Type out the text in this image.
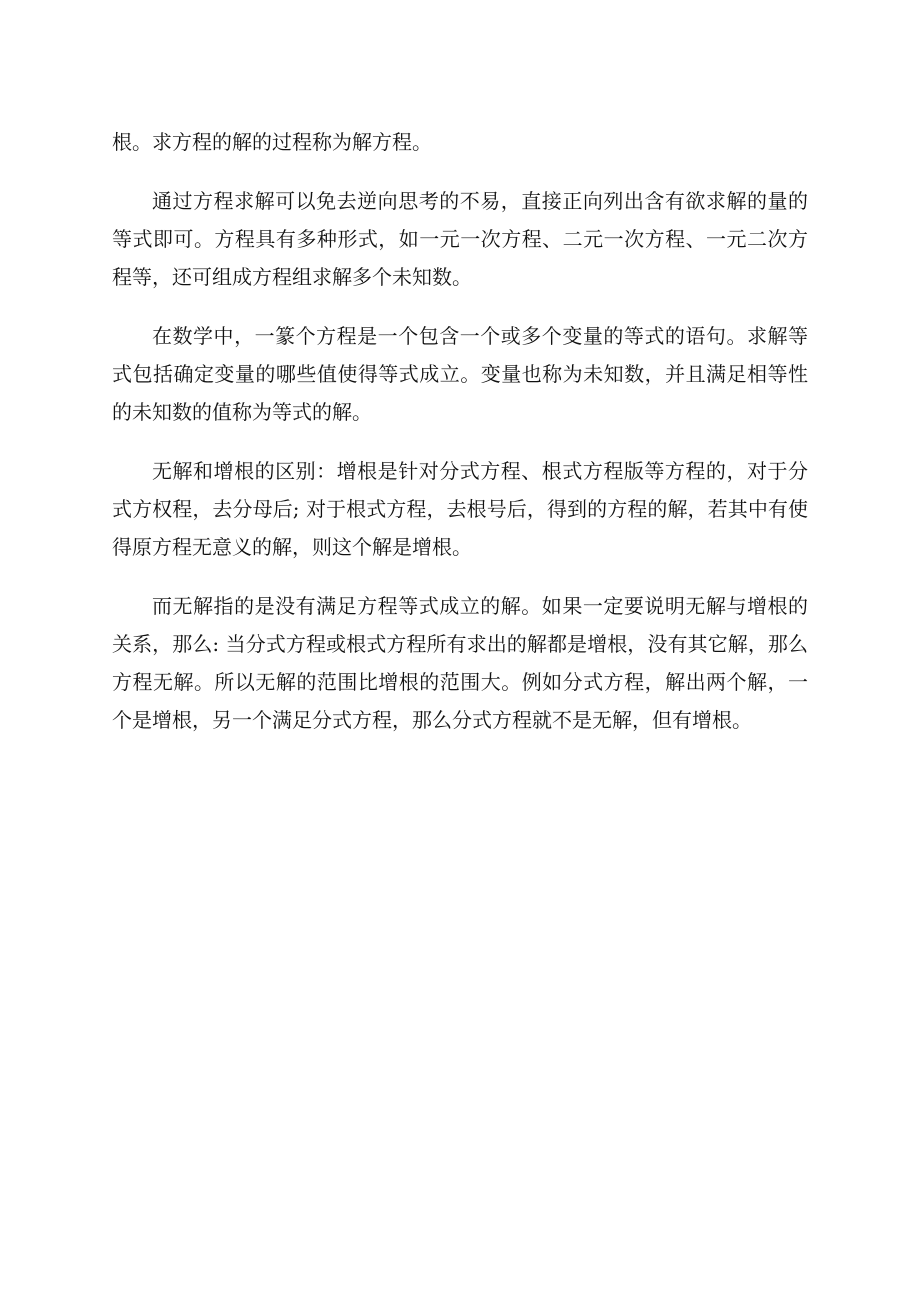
根。求方程的解的过程称为解方程。

通过方程求解可以免去逆向思考的不易，直接正向列出含有欲求解的量的等式即可。方程具有多种形式，如一元一次方程、二元一次方程、一元二次方程等，还可组成方程组求解多个未知数。

在数学中，一篆个方程是一个包含一个或多个变量的等式的语句。求解等式包括确定变量的哪些值使得等式成立。变量也称为未知数，并且满足相等性的未知数的值称为等式的解。

无解和增根的区别：增根是针对分式方程、根式方程版等方程的，对于分式方权程，去分母后; 对于根式方程，去根号后，得到的方程的解，若其中有使得原方程无意义的解，则这个解是增根。

而无解指的是没有满足方程等式成立的解。如果一定要说明无解与增根的关系，那么: 当分式方程或根式方程所有求出的解都是增根，没有其它解，那么方程无解。所以无解的范围比增根的范围大。例如分式方程，解出两个解，一个是增根，另一个满足分式方程，那么分式方程就不是无解，但有增根。
